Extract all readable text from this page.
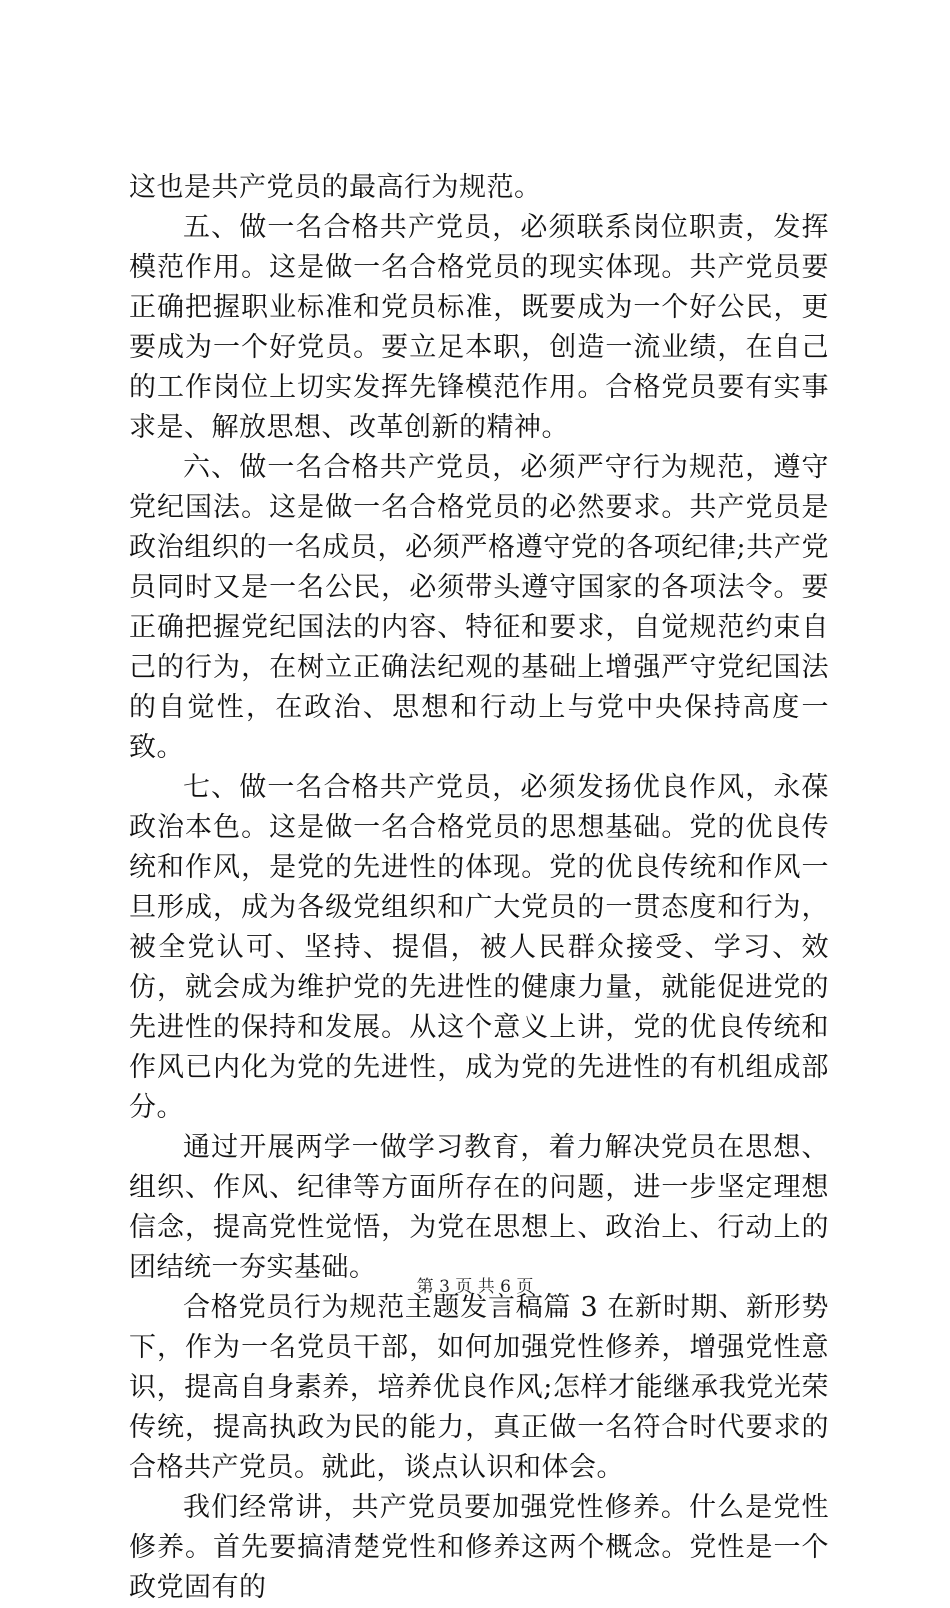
这也是共产党员的最高行为规范。

五、做一名合格共产党员，必须联系岗位职责，发挥模范作用。这是做一名合格党员的现实体现。共产党员要正确把握职业标准和党员标准，既要成为一个好公民，更要成为一个好党员。要立足本职，创造一流业绩，在自己的工作岗位上切实发挥先锋模范作用。合格党员要有实事求是、解放思想、改革创新的精神。

六、做一名合格共产党员，必须严守行为规范，遵守党纪国法。这是做一名合格党员的必然要求。共产党员是政治组织的一名成员，必须严格遵守党的各项纪律;共产党员同时又是一名公民，必须带头遵守国家的各项法令。要正确把握党纪国法的内容、特征和要求，自觉规范约束自己的行为，在树立正确法纪观的基础上增强严守党纪国法的自觉性，在政治、思想和行动上与党中央保持高度一致。

七、做一名合格共产党员，必须发扬优良作风，永葆政治本色。这是做一名合格党员的思想基础。党的优良传统和作风，是党的先进性的体现。党的优良传统和作风一旦形成，成为各级党组织和广大党员的一贯态度和行为，被全党认可、坚持、提倡，被人民群众接受、学习、效仿，就会成为维护党的先进性的健康力量，就能促进党的先进性的保持和发展。从这个意义上讲，党的优良传统和作风已内化为党的先进性，成为党的先进性的有机组成部分。

通过开展两学一做学习教育，着力解决党员在思想、组织、作风、纪律等方面所存在的问题，进一步坚定理想信念，提高党性觉悟，为党在思想上、政治上、行动上的团结统一夯实基础。

合格党员行为规范主题发言稿篇 3 在新时期、新形势下，作为一名党员干部，如何加强党性修养，增强党性意识，提高自身素养，培养优良作风;怎样才能继承我党光荣传统，提高执政为民的能力，真正做一名符合时代要求的合格共产党员。就此，谈点认识和体会。

我们经常讲，共产党员要加强党性修养。什么是党性修养。首先要搞清楚党性和修养这两个概念。党性是一个政党固有的

第 3 页 共 6 页
